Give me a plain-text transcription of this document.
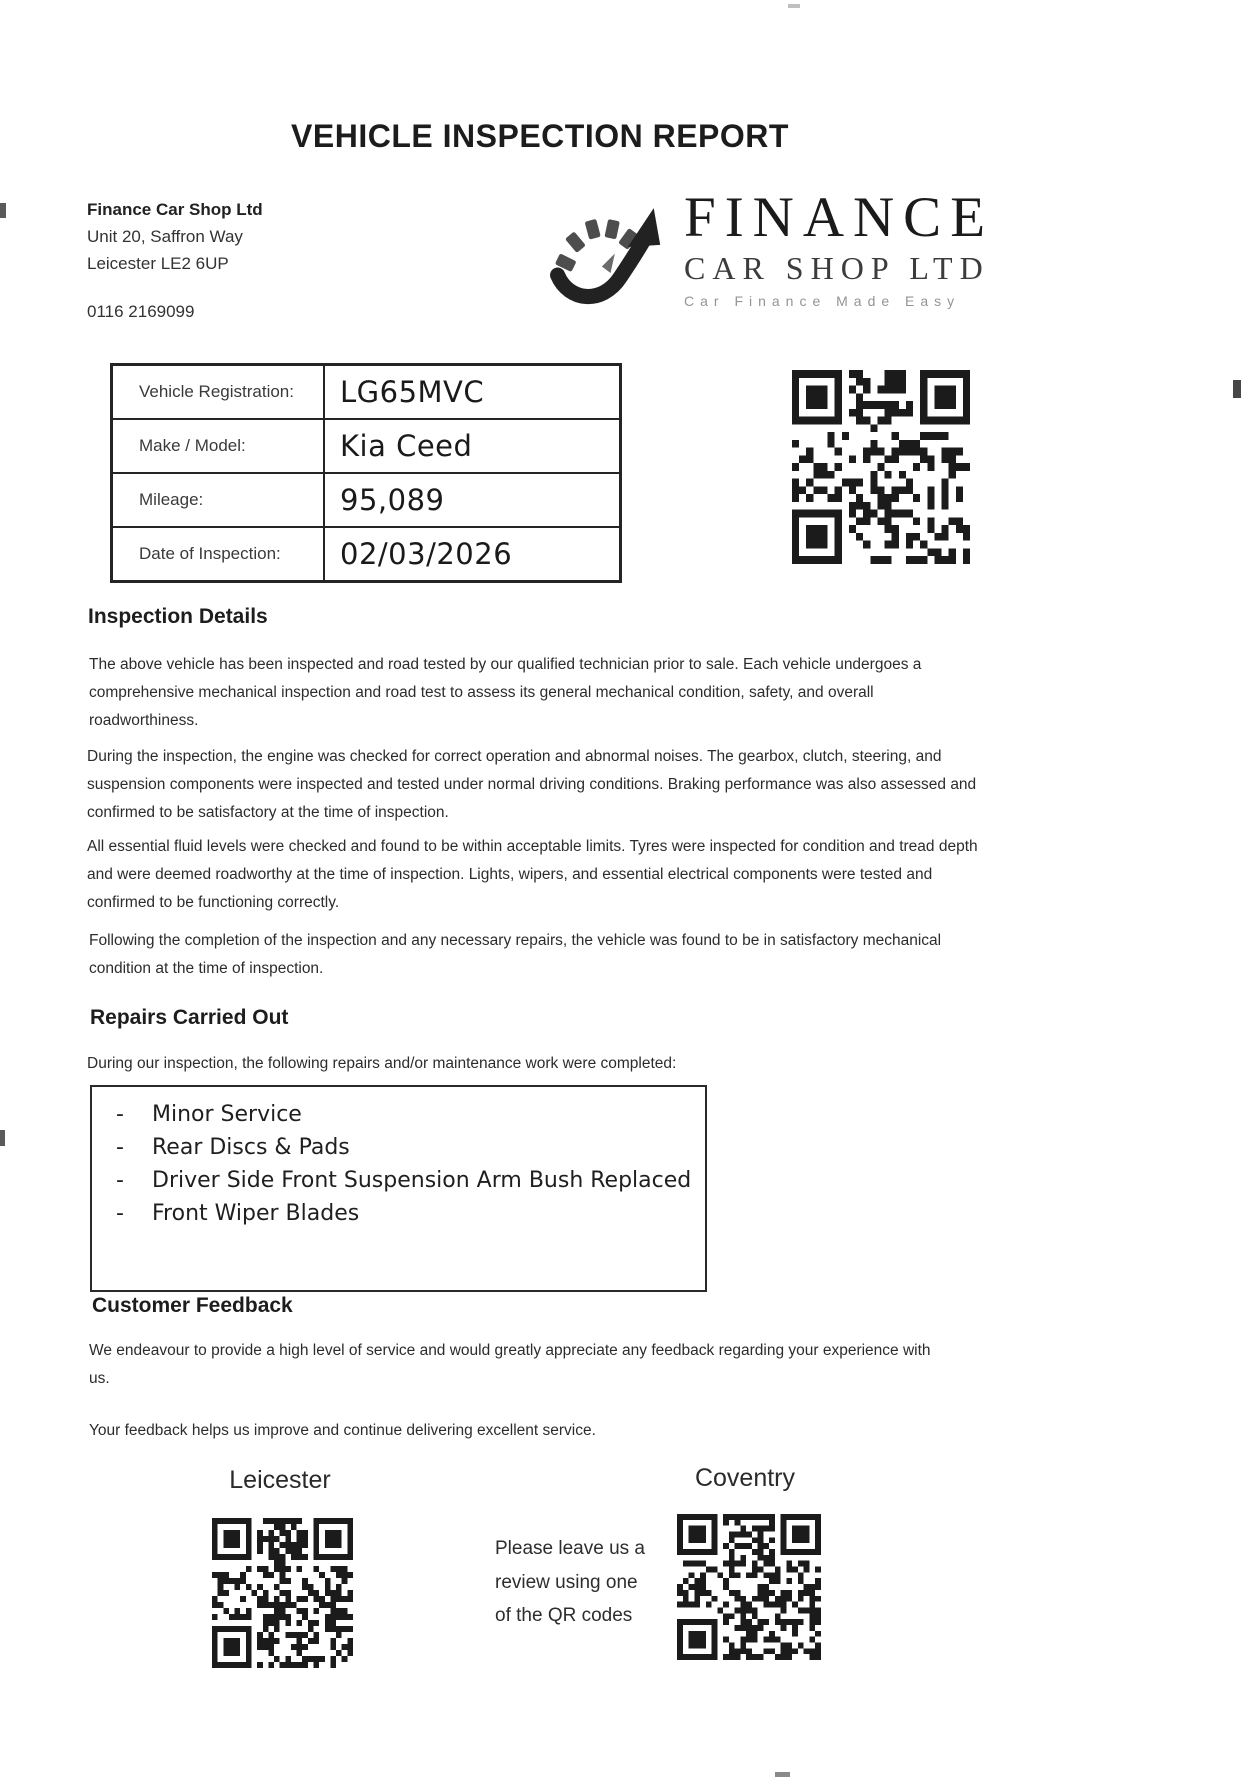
VEHICLE INSPECTION REPORT
Finance Car Shop Ltd
Unit 20, Saffron Way
Leicester LE2 6UP
0116 2169099
FINANCE
CAR SHOP LTD
Car Finance Made Easy
Vehicle Registration:	LG65MVC
Make / Model:	Kia Ceed
Mileage:	95,089
Date of Inspection:	02/03/2026
Inspection Details

The above vehicle has been inspected and road tested by our qualified technician prior to sale. Each vehicle undergoes a comprehensive mechanical inspection and road test to assess its general mechanical condition, safety, and overall roadworthiness.

During the inspection, the engine was checked for correct operation and abnormal noises. The gearbox, clutch, steering, and suspension components were inspected and tested under normal driving conditions. Braking performance was also assessed and confirmed to be satisfactory at the time of inspection.

All essential fluid levels were checked and found to be within acceptable limits. Tyres were inspected for condition and tread depth and were deemed roadworthy at the time of inspection. Lights, wipers, and essential electrical components were tested and confirmed to be functioning correctly.

Following the completion of the inspection and any necessary repairs, the vehicle was found to be in satisfactory mechanical condition at the time of inspection.

Repairs Carried Out

During our inspection, the following repairs and/or maintenance work were completed:

-	Minor Service
-	Rear Discs & Pads
-	Driver Side Front Suspension Arm Bush Replaced
-	Front Wiper Blades
Customer Feedback

We endeavour to provide a high level of service and would greatly appreciate any feedback regarding your experience with us.

Your feedback helps us improve and continue delivering excellent service.

Leicester	Coventry
Please leave us a
review using one
of the QR codes
